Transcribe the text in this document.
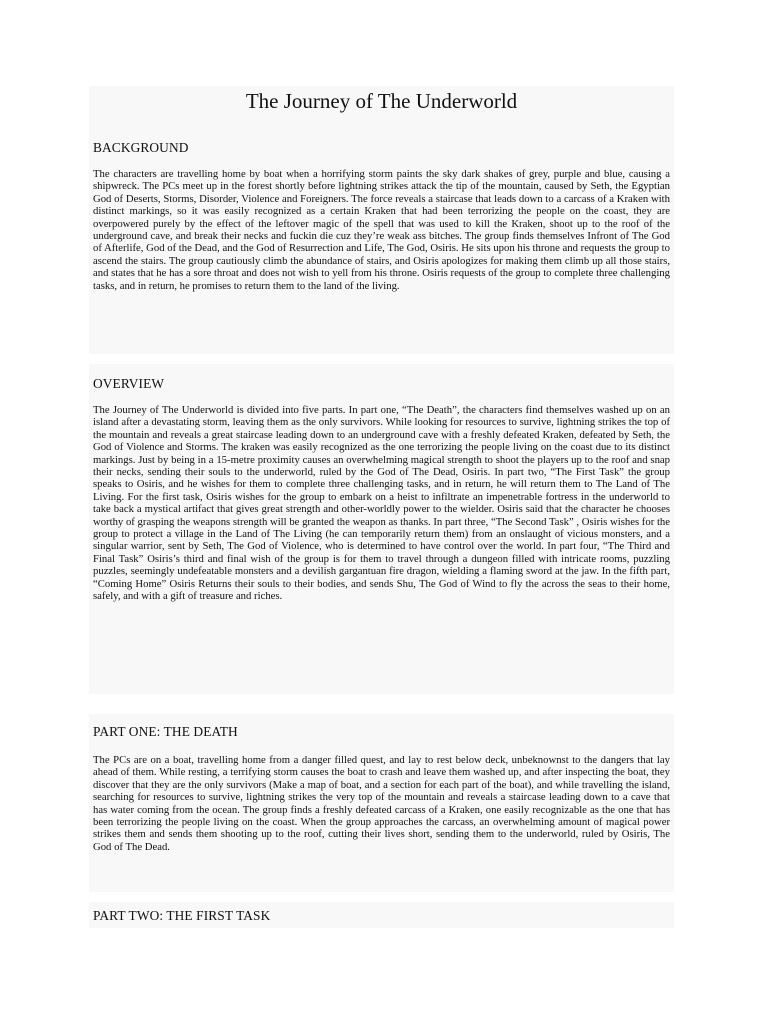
The Journey of The Underworld
BACKGROUND

The characters are travelling home by boat when a horrifying storm paints the sky dark shakes of grey, purple and blue, causing a shipwreck. The PCs meet up in the forest shortly before lightning strikes attack the tip of the mountain, caused by Seth, the Egyptian God of Deserts, Storms, Disorder, Violence and Foreigners. The force reveals a staircase that leads down to a carcass of a Kraken with distinct markings, so it was easily recognized as a certain Kraken that had been terrorizing the people on the coast, they are overpowered purely by the effect of the leftover magic of the spell that was used to kill the Kraken, shoot up to the roof of the underground cave, and break their necks and fuckin die cuz they’re weak ass bitches. The group finds themselves Infront of The God of Afterlife, God of the Dead, and the God of Resurrection and Life, The God, Osiris. He sits upon his throne and requests the group to ascend the stairs. The group cautiously climb the abundance of stairs, and Osiris apologizes for making them climb up all those stairs, and states that he has a sore throat and does not wish to yell from his throne. Osiris requests of the group to complete three challenging tasks, and in return, he promises to return them to the land of the living.

OVERVIEW

The Journey of The Underworld is divided into five parts. In part one, “The Death”, the characters find themselves washed up on an island after a devastating storm, leaving them as the only survivors. While looking for resources to survive, lightning strikes the top of the mountain and reveals a great staircase leading down to an underground cave with a freshly defeated Kraken, defeated by Seth, the God of Violence and Storms. The kraken was easily recognized as the one terrorizing the people living on the coast due to its distinct markings. Just by being in a 15-metre proximity causes an overwhelming magical strength to shoot the players up to the roof and snap their necks, sending their souls to the underworld, ruled by the God of The Dead, Osiris. In part two, “The First Task” the group speaks to Osiris, and he wishes for them to complete three challenging tasks, and in return, he will return them to The Land of The Living. For the first task, Osiris wishes for the group to embark on a heist to infiltrate an impenetrable fortress in the underworld to take back a mystical artifact that gives great strength and other-worldly power to the wielder. Osiris said that the character he chooses worthy of grasping the weapons strength will be granted the weapon as thanks. In part three, “The Second Task” , Osiris wishes for the group to protect a village in the Land of The Living (he can temporarily return them) from an onslaught of vicious monsters, and a singular warrior, sent by Seth, The God of Violence, who is determined to have control over the world. In part four, “The Third and Final Task” Osiris’s third and final wish of the group is for them to travel through a dungeon filled with intricate rooms, puzzling puzzles, seemingly undefeatable monsters and a devilish gargantuan fire dragon, wielding a flaming sword at the jaw. In the fifth part, “Coming Home” Osiris Returns their souls to their bodies, and sends Shu, The God of Wind to fly the across the seas to their home, safely, and with a gift of treasure and riches.

PART ONE: THE DEATH

The PCs are on a boat, travelling home from a danger filled quest, and lay to rest below deck, unbeknownst to the dangers that lay ahead of them. While resting, a terrifying storm causes the boat to crash and leave them washed up, and after inspecting the boat, they discover that they are the only survivors (Make a map of boat, and a section for each part of the boat), and while travelling the island, searching for resources to survive, lightning strikes the very top of the mountain and reveals a staircase leading down to a cave that has water coming from the ocean. The group finds a freshly defeated carcass of a Kraken, one easily recognizable as the one that has been terrorizing the people living on the coast. When the group approaches the carcass, an overwhelming amount of magical power strikes them and sends them shooting up to the roof, cutting their lives short, sending them to the underworld, ruled by Osiris, The God of The Dead.

PART TWO: THE FIRST TASK
